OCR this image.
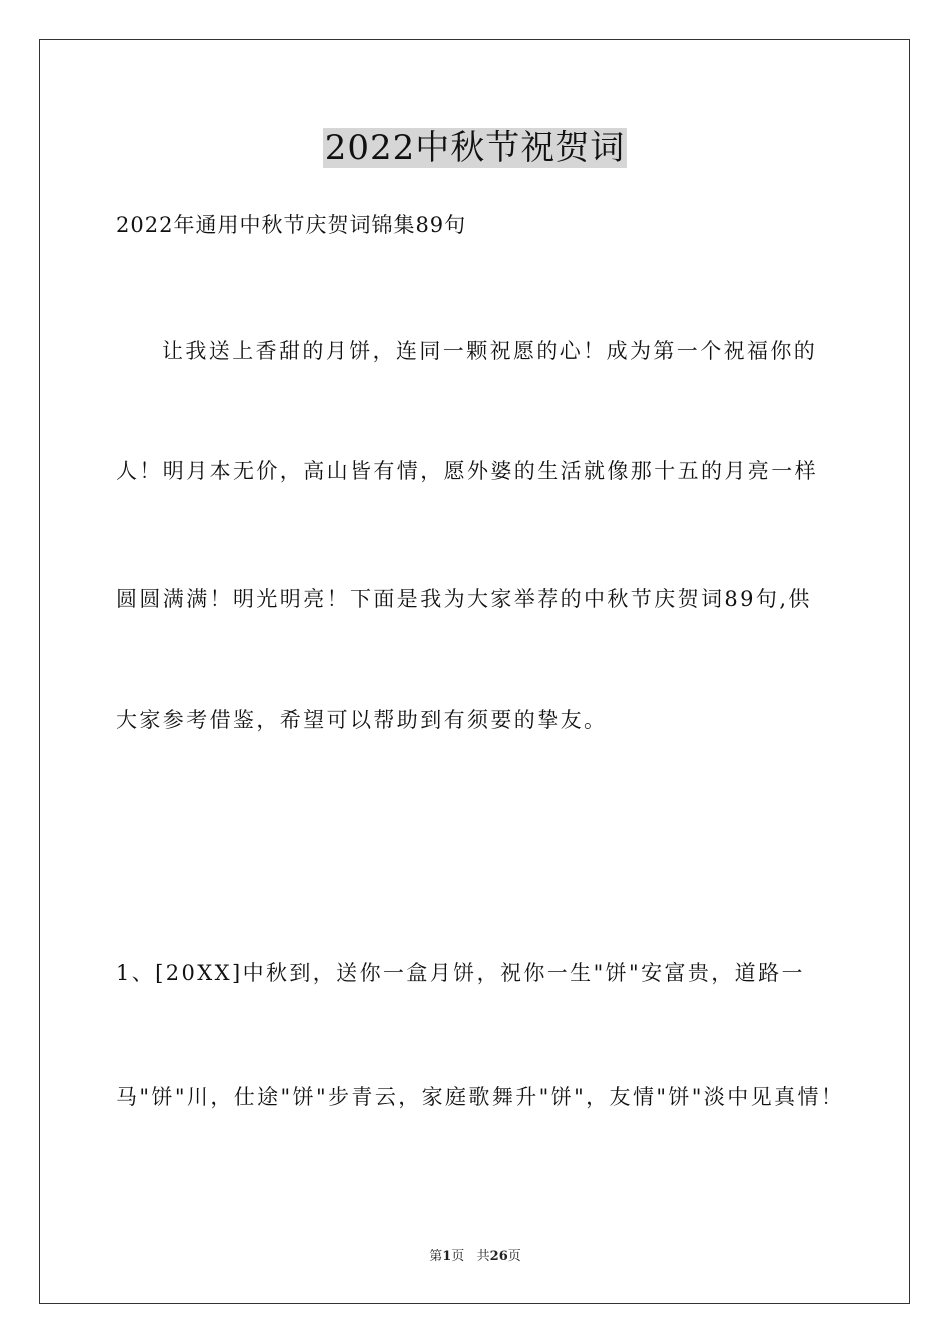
2022中秋节祝贺词
2022年通用中秋节庆贺词锦集89句
让我送上香甜的月饼，连同一颗祝愿的心！成为第一个祝福你的
人！明月本无价，高山皆有情，愿外婆的生活就像那十五的月亮一样
圆圆满满！明光明亮！下面是我为大家举荐的中秋节庆贺词89句,供
大家参考借鉴，希望可以帮助到有须要的挚友。
1、[20XX]中秋到，送你一盒月饼，祝你一生"饼"安富贵，道路一
马"饼"川，仕途"饼"步青云，家庭歌舞升"饼"，友情"饼"淡中见真情！
第1页   共26页
